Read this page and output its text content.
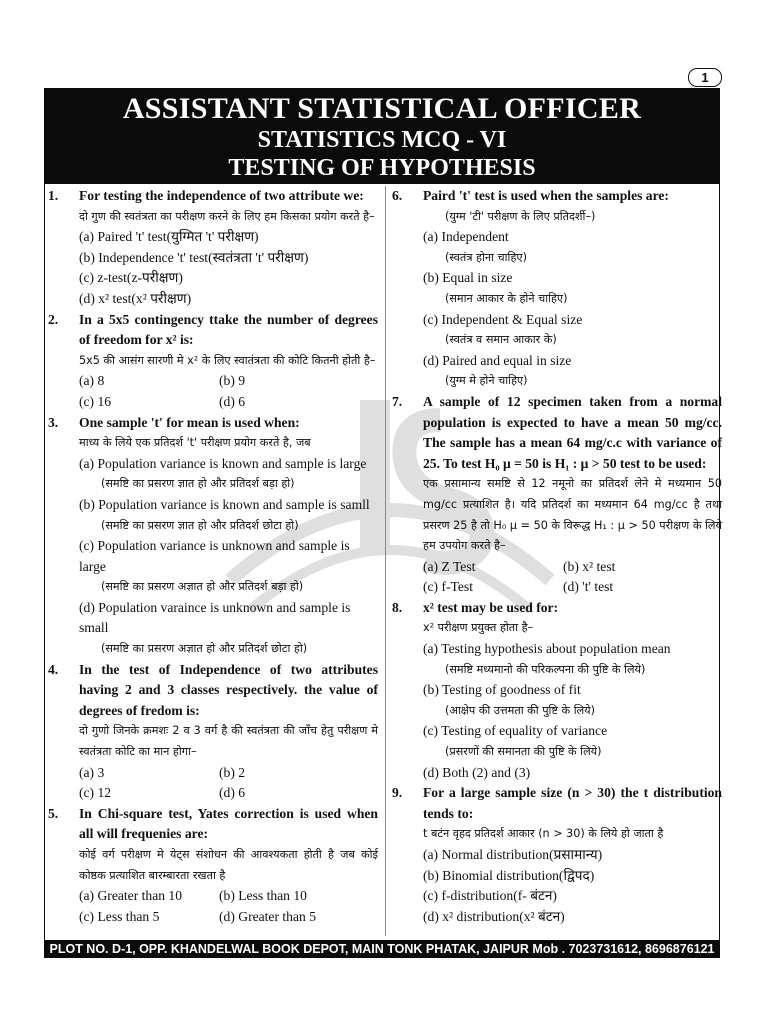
1
ASSISTANT STATISTICAL OFFICER
STATISTICS MCQ - VI
TESTING OF HYPOTHESIS
1. For testing the independence of two attribute we:
दो गुण की स्वतंत्रता का परीक्षण करने के लिए हम किसका प्रयोग करते है–
(a) Paired 't' test(युग्मित 't' परीक्षण)
(b) Independence 't' test(स्वतंत्रता 't' परीक्षण)
(c) z-test(z-परीक्षण)
(d) x² test(x² परीक्षण)
2. In a 5x5 contingency ttake the number of degrees of freedom for x² is:
5x5 की आसंग सारणी मे x² के लिए स्वातंत्रता की कोटि कितनी होती है–
(a) 8	(b) 9
(c) 16	(d) 6
3. One sample 't' for mean is used when:
माध्य के लिये एक प्रतिदर्श 't' परीक्षण प्रयोग करते है, जब
(a) Population variance is known and sample is large
(समष्टि का प्रसरण ज्ञात हो और प्रतिदर्श बड़ा हो)
(b) Population variance is known and sample is samll
(समष्टि का प्रसरण ज्ञात हो और प्रतिदर्श छोटा हो)
(c) Population variance is unknown and sample is large
(समष्टि का प्रसरण अज्ञात हो और प्रतिदर्श बड़ा हो)
(d) Population varaince is unknown and sample is small
(समष्टि का प्रसरण अज्ञात हो और प्रतिदर्श छोटा हो)
4. In the test of Independence of two attributes having 2 and 3 classes respectively. the value of degrees of fredom is:
दो गुणो जिनके क्रमशः 2 व 3 वर्ग है की स्वतंत्रता की जाँच हेतु परीक्षण मे स्वतंत्रता कोटि का मान होगा–
(a) 3	(b) 2
(c) 12	(d) 6
5. In Chi-square test, Yates correction is used when all will frequenies are:
कोई वर्ग परीक्षण मे येट्स संशोधन की आवश्यकता होती है जब कोई कोष्ठक प्रत्याशित बारम्बारता रखता है
(a) Greater than 10	(b) Less than 10
(c) Less than 5	(d) Greater than 5
6. Paird 't' test is used when the samples are:
(युग्म 'टी' परीक्षण के लिए प्रतिदर्शी–)
(a) Independent
(स्वतंत्र होना चाहिए)
(b) Equal in size
(समान आकार के होने चाहिए)
(c) Independent & Equal size
(स्वतंत्र व समान आकार के)
(d) Paired and equal in size
(युग्म मे होने चाहिए)
7. A sample of 12 specimen taken from a normal population is expected to have a mean 50 mg/cc. The sample has a mean 64 mg/c.c with variance of 25. To test H₀ μ = 50 is H₁ : μ > 50 test to be used:
एक प्रसामान्य समष्टि से 12 नमूनो का प्रतिदर्श लेने मे मध्यमान 50 mg/cc प्रत्याशित है। यदि प्रतिदर्श का मध्यमान 64 mg/cc है तथा प्रसरण 25 है तो H₀ μ = 50 के विरूद्ध H₁ : μ > 50 परीक्षण के लिये हम उपयोग करते है–
(a) Z Test	(b) x² test
(c) f-Test	(d) 't' test
8. x² test may be used for:
x² परीक्षण प्रयुक्त होता है–
(a) Testing hypothesis about population mean
(समष्टि मध्यमानो की परिकल्पना की पुष्टि के लिये)
(b) Testing of goodness of fit
(आक्षेप की उत्तमता की पुष्टि के लिये)
(c) Testing of equality of variance
(प्रसरणों की समानता की पुष्टि के लिये)
(d) Both (2) and (3)
9. For a large sample size (n > 30) the t distribution tends to:
t बटंन वृहद प्रतिदर्श आकार (n > 30) के लिये हो जाता है
(a) Normal distribution(प्रसामान्य)
(b) Binomial distribution(द्विपद)
(c) f-distribution(f- बंटन)
(d) x² distribution(x² बंटन)
PLOT NO. D-1, OPP. KHANDELWAL BOOK DEPOT, MAIN TONK PHATAK, JAIPUR Mob . 7023731612, 8696876121
